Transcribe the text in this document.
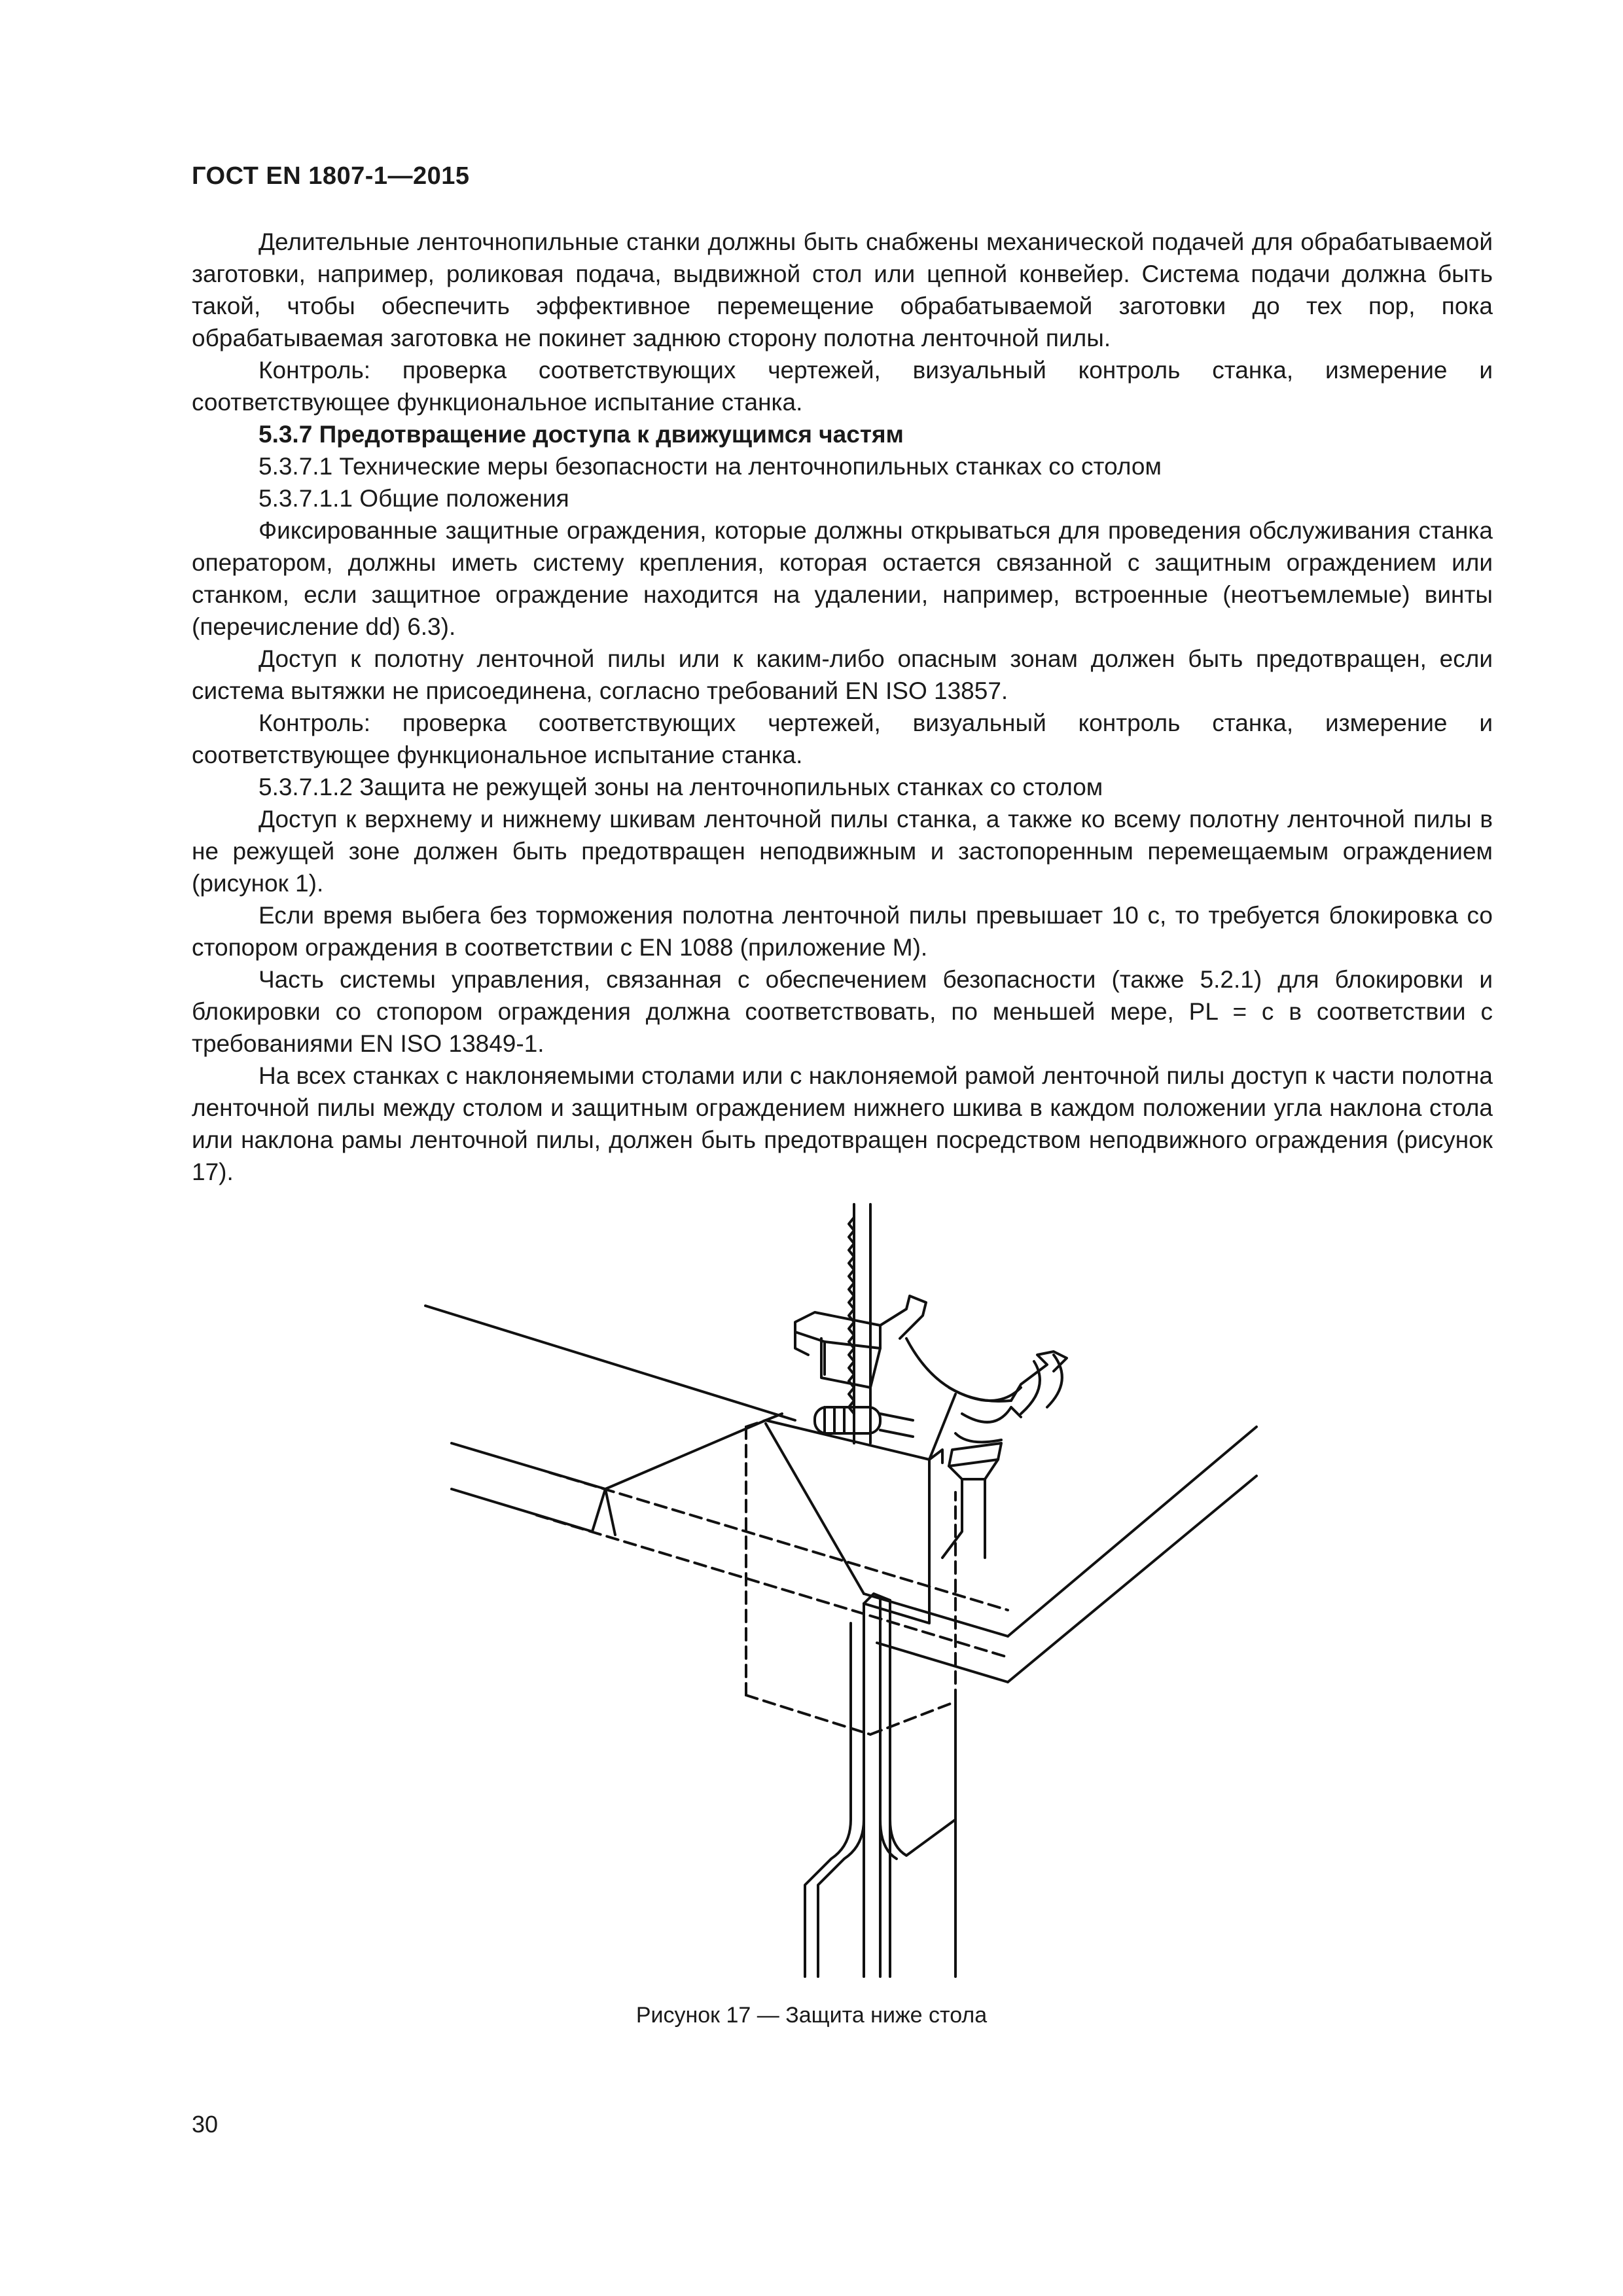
ГОСТ EN 1807-1—2015

Делительные ленточнопильные станки должны быть снабжены механической подачей для обрабатываемой заготовки, например, роликовая подача, выдвижной стол или цепной конвейер. Система подачи должна быть такой, чтобы обеспечить эффективное перемещение обрабатываемой заготовки до тех пор, пока обрабатываемая заготовка не покинет заднюю сторону полотна ленточной пилы.

Контроль: проверка соответствующих чертежей, визуальный контроль станка, измерение и соответствующее функциональное испытание станка.

5.3.7 Предотвращение доступа к движущимся частям

5.3.7.1 Технические меры безопасности на ленточнопильных станках со столом

5.3.7.1.1 Общие положения

Фиксированные защитные ограждения, которые должны открываться для проведения обслуживания станка оператором, должны иметь систему крепления, которая остается связанной с защитным ограждением или станком, если защитное ограждение находится на удалении, например, встроенные (неотъемлемые) винты (перечисление dd) 6.3).

Доступ к полотну ленточной пилы или к каким-либо опасным зонам должен быть предотвращен, если система вытяжки не присоединена, согласно требований EN ISO 13857.

Контроль: проверка соответствующих чертежей, визуальный контроль станка, измерение и соответствующее функциональное испытание станка.

5.3.7.1.2 Защита не режущей зоны на ленточнопильных станках со столом

Доступ к верхнему и нижнему шкивам ленточной пилы станка, а также ко всему полотну ленточной пилы в не режущей зоне должен быть предотвращен неподвижным и застопоренным перемещаемым ограждением (рисунок 1).

Если время выбега без торможения полотна ленточной пилы превышает 10 с, то требуется блокировка со стопором ограждения в соответствии с EN 1088 (приложение М).

Часть системы управления, связанная с обеспечением безопасности (также 5.2.1) для блокировки и блокировки со стопором ограждения должна соответствовать, по меньшей мере, PL = c в соответствии с требованиями EN ISO 13849-1.

На всех станках с наклоняемыми столами или с наклоняемой рамой ленточной пилы доступ к части полотна ленточной пилы между столом и защитным ограждением нижнего шкива в каждом положении угла наклона стола или наклона рамы ленточной пилы, должен быть предотвращен посредством неподвижного ограждения (рисунок 17).

Рисунок 17 — Защита ниже стола
30
